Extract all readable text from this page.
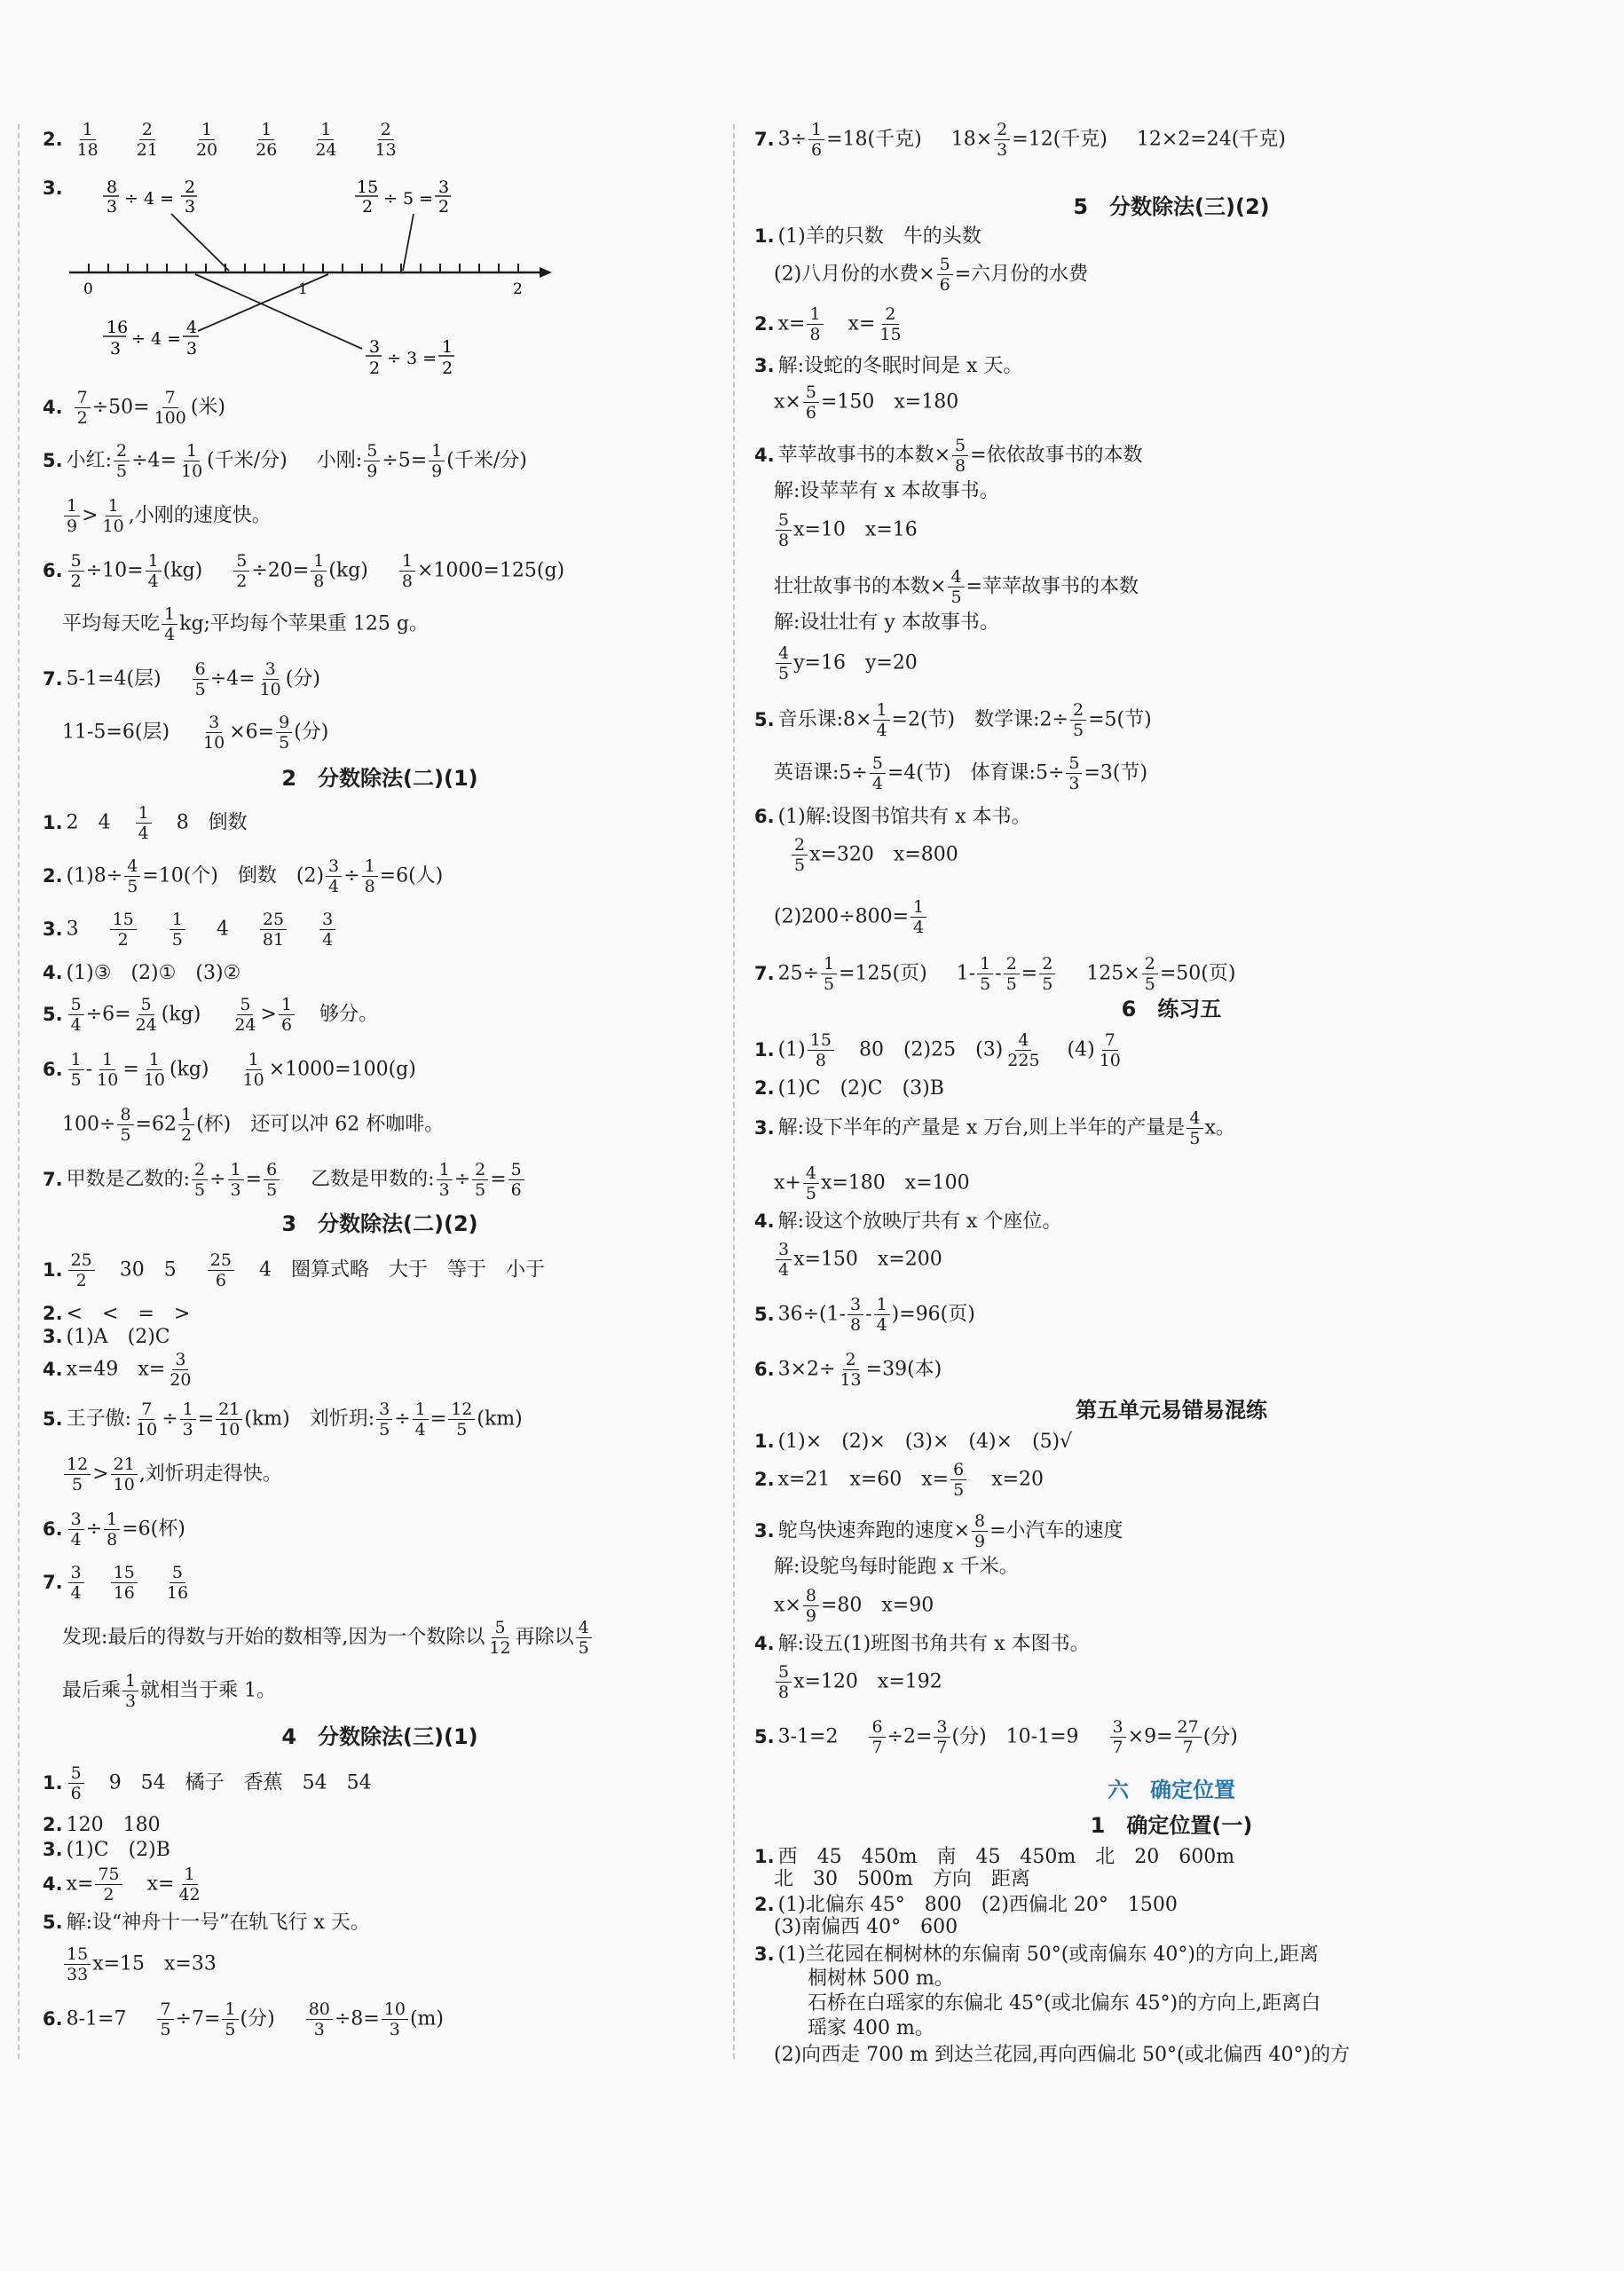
2. $\frac{1}{18}$
$\frac{2}{21}$
$\frac{1}{20}$
$\frac{1}{26}$
$\frac{1}{24}$
$\frac{2}{13}$
3.	8
3 ÷ 4 =
2
3
15
2 ÷ 5 =
3
2
0	1	2
16
3 ÷ 4 =
4
3	3
2 ÷ 3 =
1
2
4. $\frac{7}{2} \div 50= \frac{7}{100}$ (米)
5. 小红: $\frac{2}{5} \div 4= \frac{1}{10}$ (千米/分) 小刚: $\frac{5}{9} \div 5= \frac{1}{9}$ (千米/分)
$\frac{1}{9} > \frac{1}{10}$ ,小刚的速度快。
6. $\frac{5}{2} \div 10= \frac{1}{4} (kg) \frac{5}{2} \div 20= \frac{1}{8} (kg) \frac{1}{8} \times 1000=125(g)$
平均每天吃 $\frac{1}{4}$ kg;平均每个苹果重 125 g。
7. 5-1=4(层) $\frac{6}{5} \div 4= \frac{3}{10}$ (分)
11-5=6(层) $\frac{3}{10} \times 6= \frac{9}{5}$ (分)
2　分数除法(二)(1)
1. 2　$4 \frac{1}{4} 8$　倒数
2. $(1)8\div \frac{4}{5} =10$(个)　倒数　$(2) \frac{3}{4} \div \frac{1}{8} =6$(人)
3. $3 \frac{15}{2}$
$\frac{1}{5} 4 \frac{25}{81}$
$\frac{3}{4}$
4. (1)③　(2)①　(3)②
5. $\frac{5}{4} \div 6= \frac{5}{24} (kg) \frac{5}{24} > \frac{1}{6}$ 够分。
6. $\frac{1}{5} - \frac{1}{10} = \frac{1}{10} (kg) \frac{1}{10} \times 1000=100(g)$
$100\div \frac{8}{5} =62 \frac{1}{2}$ (杯)　还可以冲 62 杯咖啡。
7. 甲数是乙数的: $\frac{2}{5} \div \frac{1}{3} = \frac{6}{5}$ 乙数是甲数的: $\frac{1}{3} \div \frac{2}{5} = \frac{5}{6}$
3　分数除法(二)(2)
1. $\frac{25}{2} 30$　$5 \frac{25}{6} 4$　圈算式略　大于　等于　小于
2. <　<　=　>
3. (1)A　(2)C
4. x=49　$x= \frac{3}{20}$
5. 王子傲: $\frac{7}{10} \div \frac{1}{3} = \frac{21}{10} (km)$　刘忻玥: $\frac{3}{5} \div \frac{1}{4} = \frac{12}{5} (km)$
$\frac{12}{5} > \frac{21}{10}$ ,刘忻玥走得快。
6. $\frac{3}{4} \div \frac{1}{8} =6$(杯)
7. $\frac{3}{4} \frac{15}{16} \frac{5}{16}$
发现:最后的得数与开始的数相等,因为一个数除以 $\frac{5}{12}$ 再除以 $\frac{4}{5}$
最后乘 $\frac{1}{3}$ 就相当于乘 1。
4　分数除法(三)(1)
1. $\frac{5}{6} 9$　54　橘子　香蕉　54　54
2. 120　180
3. (1)C　(2)B
4. $x= \frac{75}{2} x= \frac{1}{42}$
5. 解:设“神舟十一号”在轨飞行 x 天。
$\frac{15}{33} x=15$　x=33
6. $8-1=7 \frac{7}{5} \div 7= \frac{1}{5}$ (分) $\frac{80}{3} \div 8= \frac{10}{3} (m)$
7. $3\div \frac{1}{6} =18$(千克) $18\times \frac{2}{3} =12$(千克) 12×2=24(千克)
5　分数除法(三)(2)
1. (1)羊的只数　牛的头数
(2)八月份的水费× $\frac{5}{6}$ =六月份的水费
2. $x= \frac{1}{8} x= \frac{2}{15}$
3. 解:设蛇的冬眠时间是 x 天。
$x\times \frac{5}{6} =150$　x=180
4. 苹苹故事书的本数× $\frac{5}{8}$ =依依故事书的本数
解:设苹苹有 x 本故事书。
$\frac{5}{8} x=10$　x=16
壮壮故事书的本数× $\frac{4}{5}$ =苹苹故事书的本数
解:设壮壮有 y 本故事书。
$\frac{4}{5} y=16$　y=20
5. 音乐课:8× $\frac{1}{4} =2$(节)　数学课:2÷ $\frac{2}{5} =5$(节)
英语课:5÷ $\frac{5}{4} =4$(节)　体育课:5÷ $\frac{5}{3} =3$(节)
6. (1)解:设图书馆共有 x 本书。
$\frac{2}{5} x=320$　x=800
$(2)200\div 800= \frac{1}{4}$
7. $25\div \frac{1}{5} =125$(页) $1- \frac{1}{5} - \frac{2}{5} = \frac{2}{5} 125\times \frac{2}{5} =50$(页)
6　练习五
1. $(1) \frac{15}{8} 80$　(2)25　$(3) \frac{4}{225} (4) \frac{7}{10}$
2. (1)C　(2)C　(3)B
3. 解:设下半年的产量是 x 万台,则上半年的产量是 $\frac{4}{5}$ x。
$x+ \frac{4}{5} x=180$　x=100
4. 解:设这个放映厅共有 x 个座位。
$\frac{3}{4} x=150$　x=200
5. $36\div(1- \frac{3}{8} - \frac{1}{4} )=96$(页)
6. $3\times 2\div \frac{2}{13} =39$(本)
第五单元易错易混练
1. (1)×　(2)×　(3)×　(4)×　(5)√
2. x=21　x=60　$x= \frac{6}{5} x=20$
3. 鸵鸟快速奔跑的速度× $\frac{8}{9}$ =小汽车的速度
解:设鸵鸟每时能跑 x 千米。
$x\times \frac{8}{9} =80$　x=90
4. 解:设五(1)班图书角共有 x 本图书。
$\frac{5}{8} x=120$　x=192
5. $3-1=2 \frac{6}{7} \div 2= \frac{3}{7}$ (分)　$10-1=9 \frac{3}{7} \times 9= \frac{27}{7}$ (分)
六　确定位置
1　确定位置(一)
1. 西　45　450m　南　45　450m　北　20　600m
北　30　500m　方向　距离
2. (1)北偏东 45°　800　(2)西偏北 20°　1500
(3)南偏西 40°　600
3. (1)兰花园在桐树林的东偏南 50°(或南偏东 40°)的方向上,距离
桐树林 500 m。
石桥在白瑶家的东偏北 45°(或北偏东 45°)的方向上,距离白
瑶家 400 m。
(2)向西走 700 m 到达兰花园,再向西偏北 50°(或北偏西 40°)的方
